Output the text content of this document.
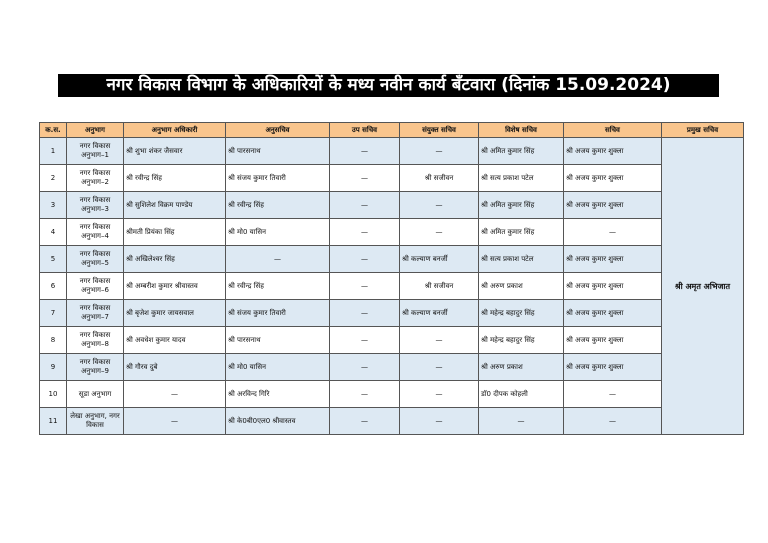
नगर विकास विभाग के अधिकारियों के मध्य नवीन कार्य बँटवारा (दिनांक 15.09.2024)
क.स.	अनुभाग	अनुभाग अधिकारी	अनुसचिव	उप सचिव	संयुक्त सचिव	विशेष सचिव	सचिव	प्रमुख सचिव
1	नगर विकास अनुभाग–1	श्री शुभा शंकर जैसवार	श्री पारसनाथ	—	—	श्री अमित कुमार सिंह	श्री अजय कुमार शुक्ला	श्री अमृत अभिजात
2	नगर विकास अनुभाग–2	श्री रवीन्द्र सिंह	श्री संजय कुमार तिवारी	—	श्री सजीवन	श्री सत्य प्रकाश पटेल	श्री अजय कुमार शुक्ला	
3	नगर विकास अनुभाग–3	श्री सुशिलेश विक्रम पाण्डेय	श्री रवीन्द्र सिंह	—	—	श्री अमित कुमार सिंह	श्री अजय कुमार शुक्ला	
4	नगर विकास अनुभाग–4	श्रीमती प्रियंका सिंह	श्री मो0 यासिन	—	—	श्री अमित कुमार सिंह	—	
5	नगर विकास अनुभाग–5	श्री अखिलेश्वर सिंह	—	—	श्री कल्याण बनर्जी	श्री सत्य प्रकाश पटेल	श्री अजय कुमार शुक्ला	
6	नगर विकास अनुभाग–6	श्री अम्बरीश कुमार श्रीवास्तव	श्री रवीन्द्र सिंह	—	श्री सजीवन	श्री अरुण प्रकाश	श्री अजय कुमार शुक्ला	
7	नगर विकास अनुभाग–7	श्री बृजेश कुमार जायसवाल	श्री संजय कुमार तिवारी	—	श्री कल्याण बनर्जी	श्री महेन्द्र बहादुर सिंह	श्री अजय कुमार शुक्ला	
8	नगर विकास अनुभाग–8	श्री अवधेश कुमार यादव	श्री पारसनाथ	—	—	श्री महेन्द्र बहादुर सिंह	श्री अजय कुमार शुक्ला	
9	नगर विकास अनुभाग–9	श्री गौरव दुबे	श्री मो0 यासिन	—	—	श्री अरुण प्रकाश	श्री अजय कुमार शुक्ला	
10	सूडा अनुभाग	—	श्री अरविन्द गिरि	—	—	डॉ0 दीपक कोहली	—	
11	लेखा अनुभाग, नगर विकास	—	श्री के0बी0एल0 श्रीवास्तव	—	—	—	—	
